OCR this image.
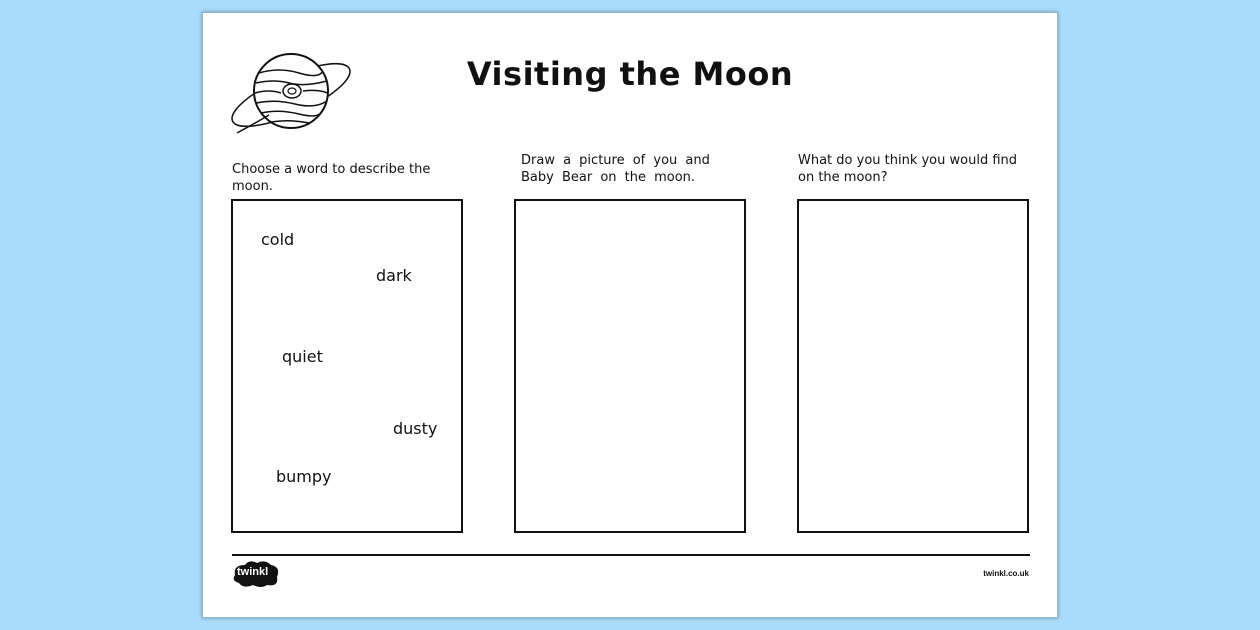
Visiting the Moon
Choose a word to describe the moon.
Draw a picture of you and Baby Bear on the moon.
What do you think you would find on the moon?
cold
dark
quiet
dusty
bumpy
twinkl	twinkl.co.uk
